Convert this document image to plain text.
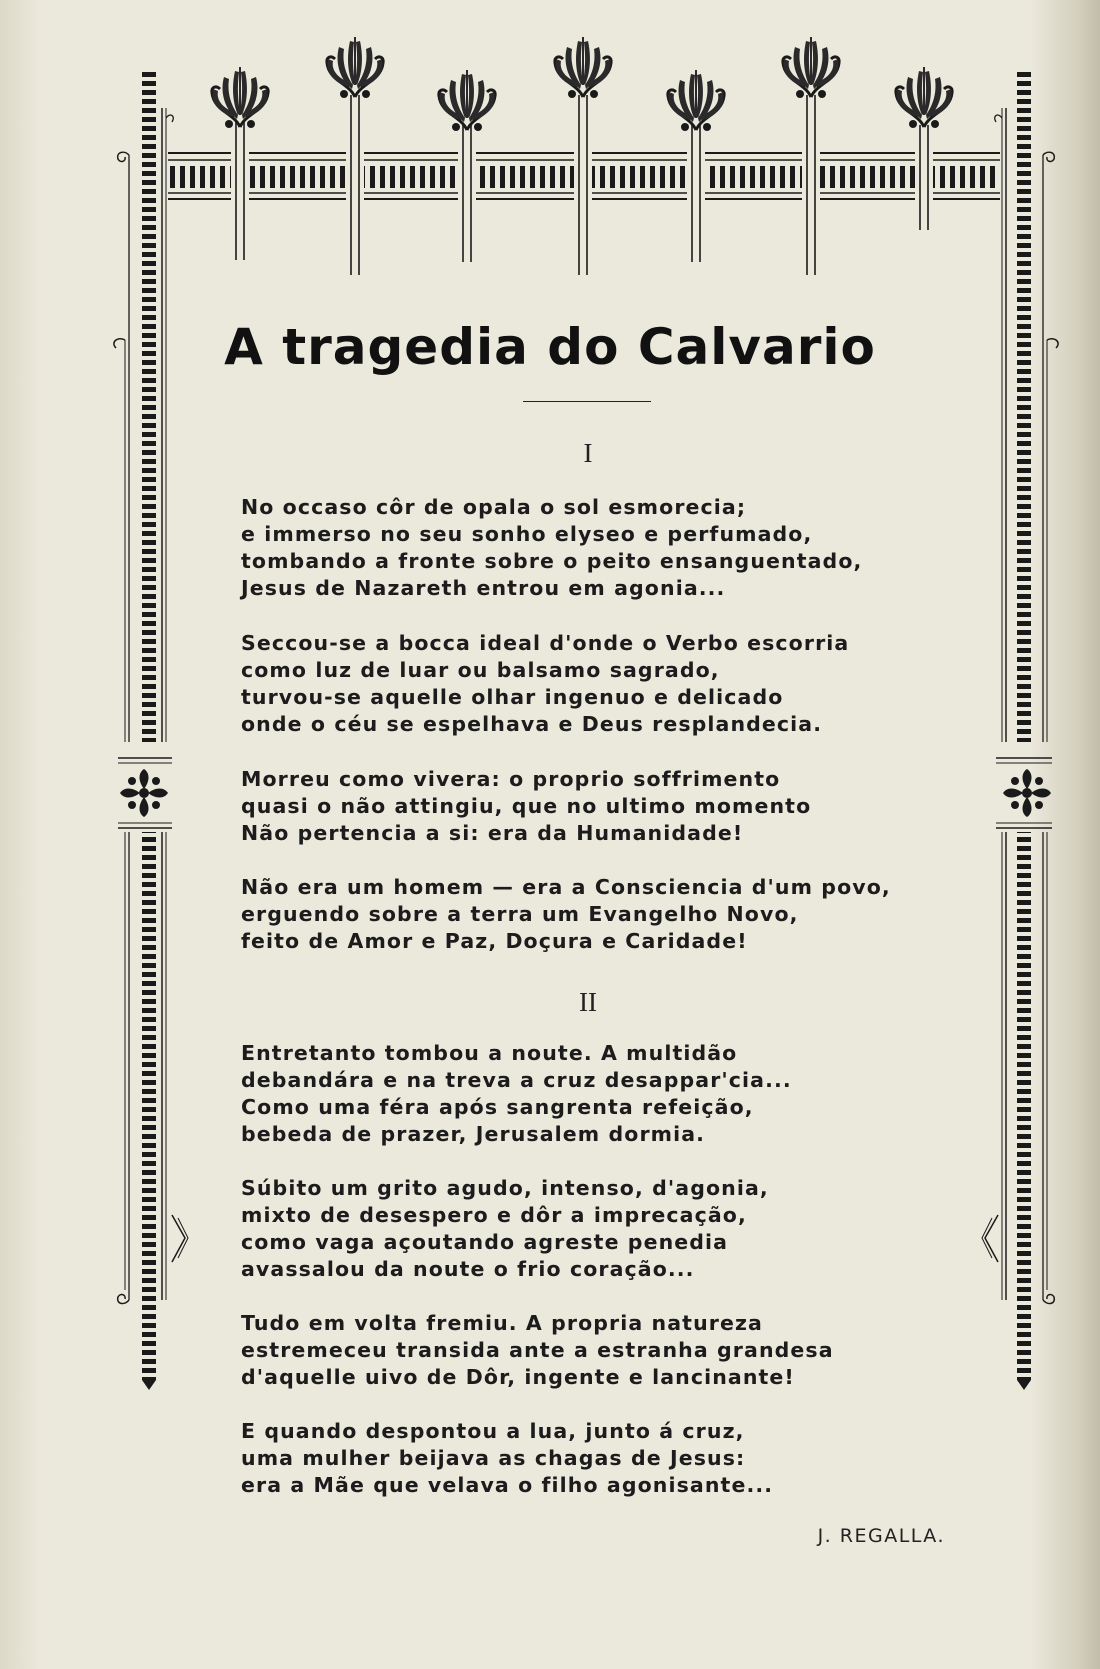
A tragedia do Calvario
I
No occaso côr de opala o sol esmorecia;
e immerso no seu sonho elyseo e perfumado,
tombando a fronte sobre o peito ensanguentado,
Jesus de Nazareth entrou em agonia...
Seccou-se a bocca ideal d'onde o Verbo escorria
como luz de luar ou balsamo sagrado,
turvou-se aquelle olhar ingenuo e delicado
onde o céu se espelhava e Deus resplandecia.
Morreu como vivera: o proprio soffrimento
quasi o não attingiu, que no ultimo momento
Não pertencia a si: era da Humanidade!
Não era um homem — era a Consciencia d'um povo,
erguendo sobre a terra um Evangelho Novo,
feito de Amor e Paz, Doçura e Caridade!
II
Entretanto tombou a noute. A multidão
debandára e na treva a cruz desappar'cia...
Como uma féra após sangrenta refeição,
bebeda de prazer, Jerusalem dormia.
Súbito um grito agudo, intenso, d'agonia,
mixto de desespero e dôr a imprecação,
como vaga açoutando agreste penedia
avassalou da noute o frio coração...
Tudo em volta fremiu. A propria natureza
estremeceu transida ante a estranha grandesa
d'aquelle uivo de Dôr, ingente e lancinante!
E quando despontou a lua, junto á cruz,
uma mulher beijava as chagas de Jesus:
era a Mãe que velava o filho agonisante...
J. REGALLA.
